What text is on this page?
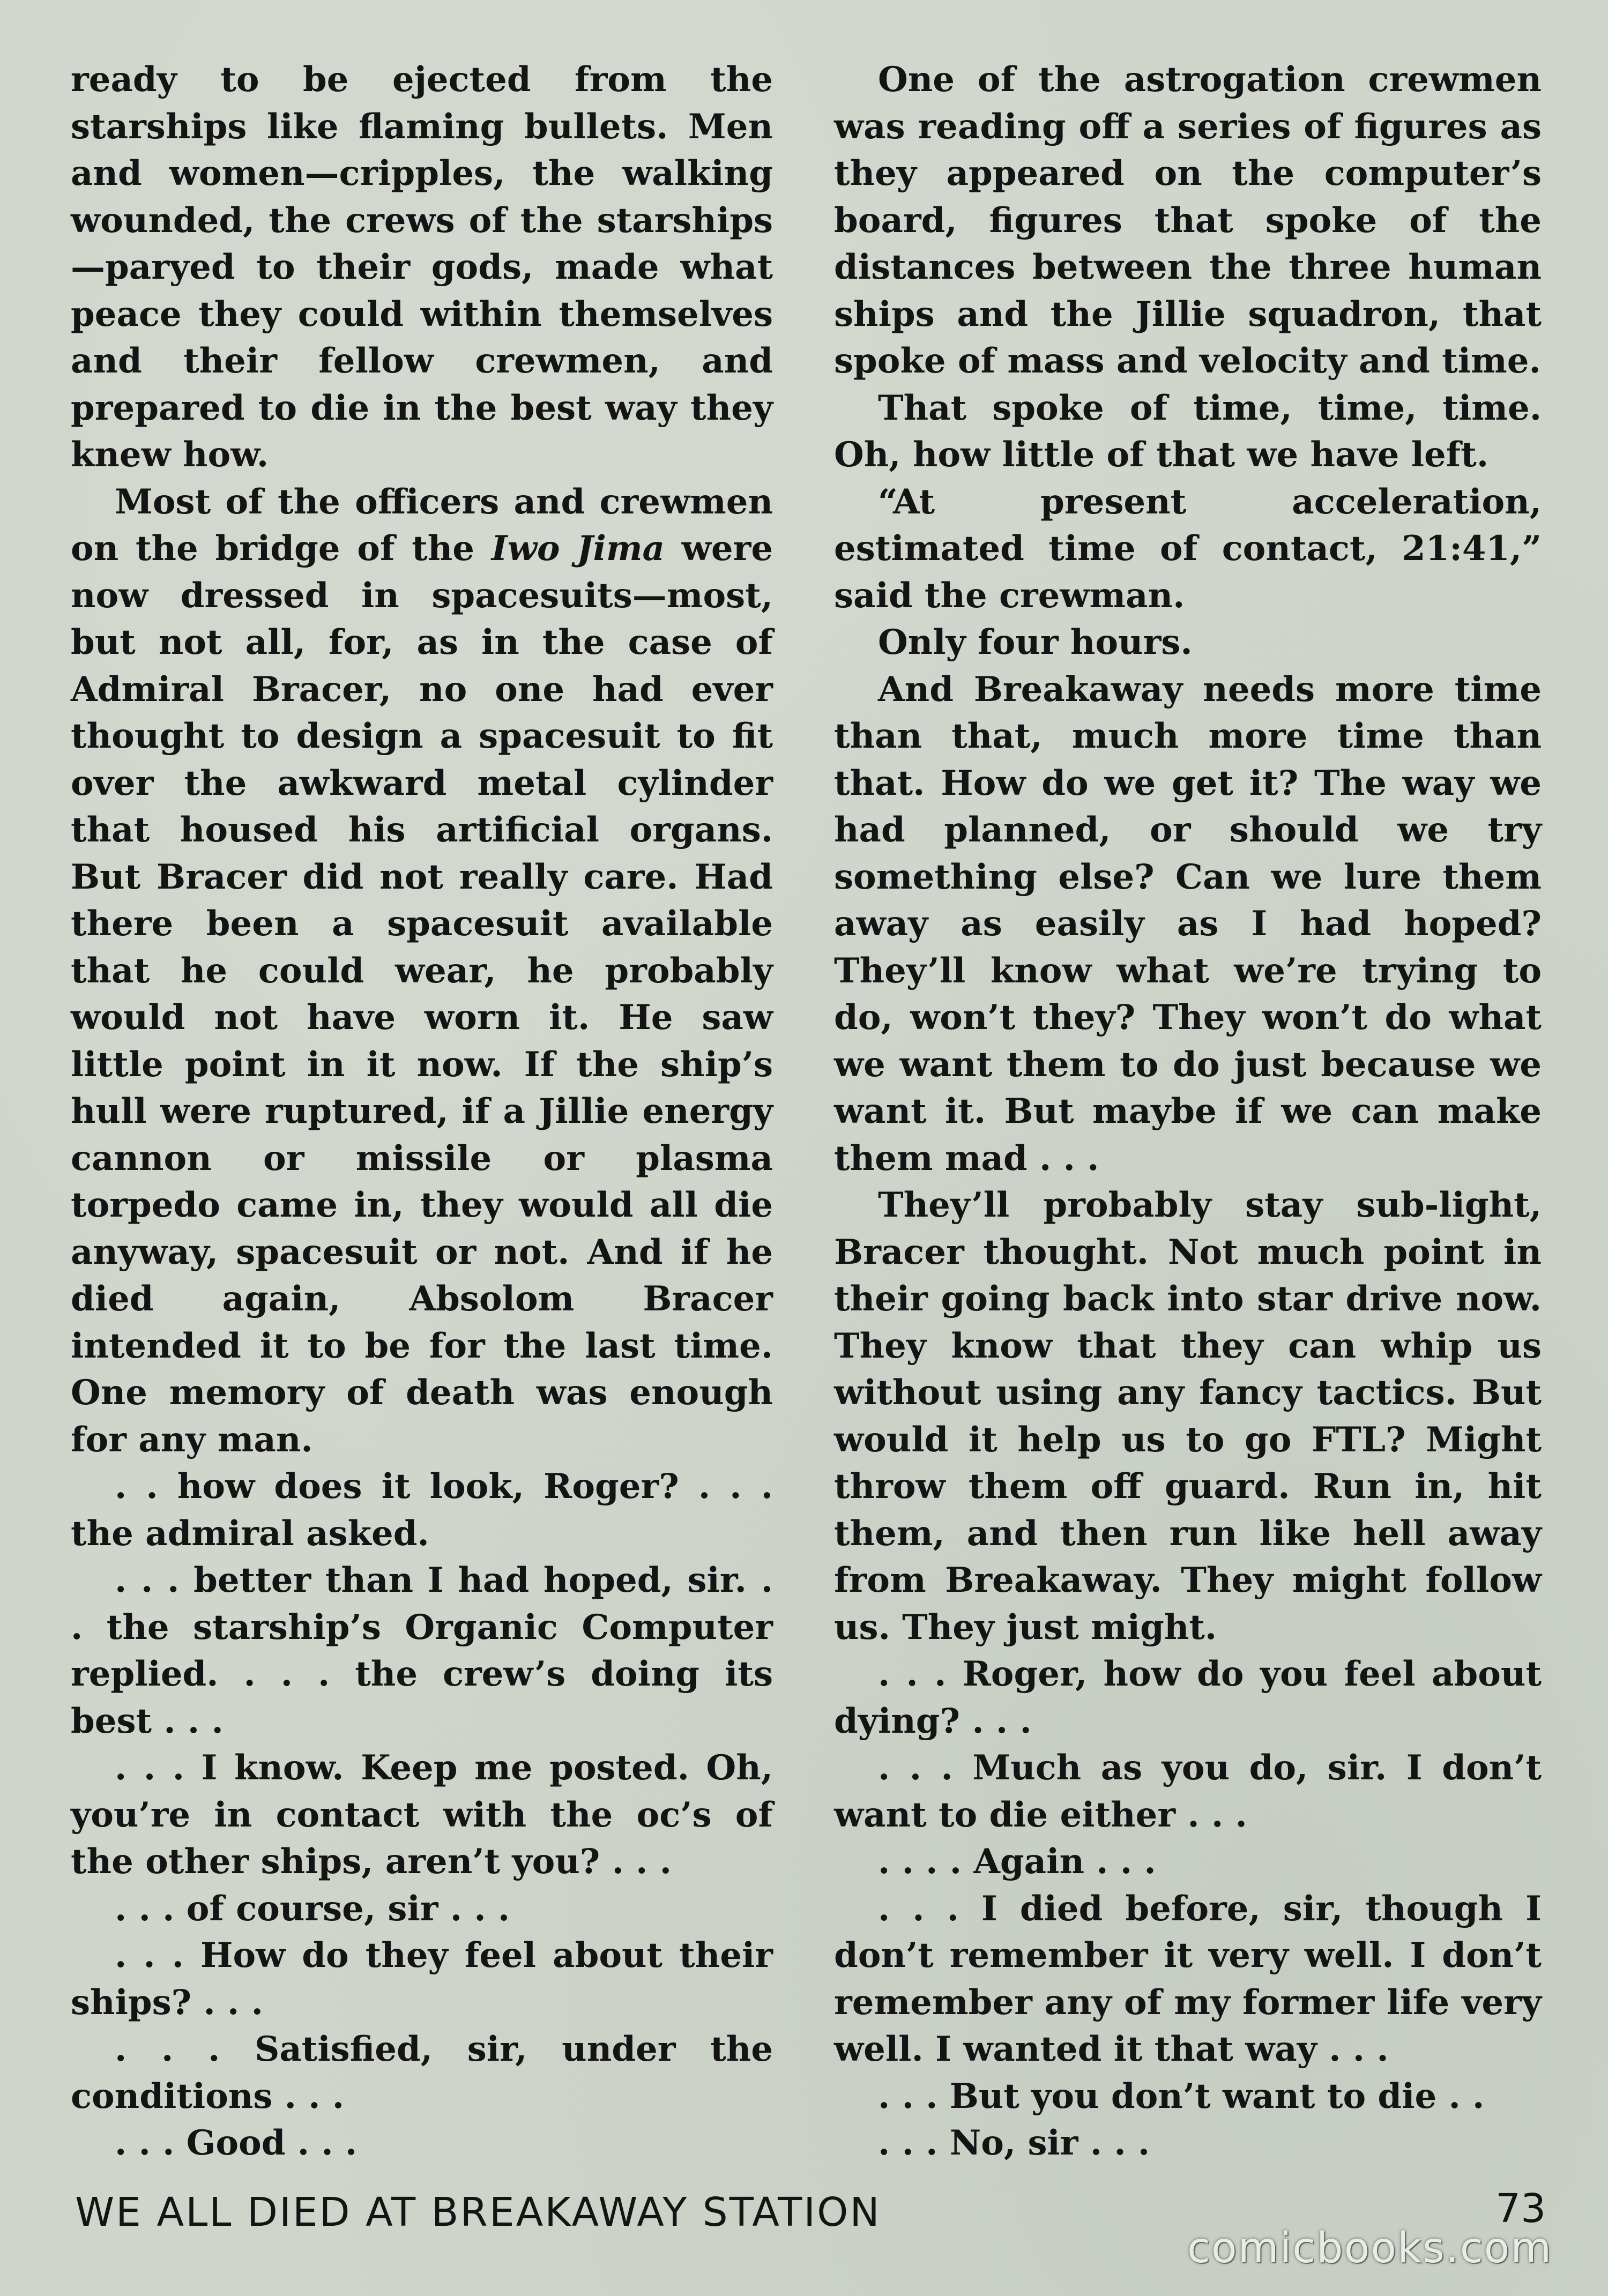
ready to be ejected from the starships like flaming bullets. Men and women—cripples, the walking wounded, the crews of the starships —paryed to their gods, made what peace they could within themselves and their fellow crewmen, and prepared to die in the best way they knew how.

Most of the officers and crewmen on the bridge of the Iwo Jima were now dressed in spacesuits—most, but not all, for, as in the case of Admiral Bracer, no one had ever thought to design a spacesuit to fit over the awkward metal cylinder that housed his artificial organs. But Bracer did not really care. Had there been a spacesuit available that he could wear, he probably would not have worn it. He saw little point in it now. If the ship’s hull were ruptured, if a Jillie energy cannon or missile or plasma torpedo came in, they would all die anyway, spacesuit or not. And if he died again, Absolom Bracer intended it to be for the last time. One memory of death was enough for any man.

. . how does it look, Roger? . . . the admiral asked.

. . . better than I had hoped, sir. . . the starship’s Organic Computer replied. . . . the crew’s doing its best . . .

. . . I know. Keep me posted. Oh, you’re in contact with the oc’s of the other ships, aren’t you? . . .

. . . of course, sir . . .

. . . How do they feel about their ships? . . .

. . . Satisfied, sir, under the conditions . . .

. . . Good . . .

One of the astrogation crewmen was reading off a series of figures as they appeared on the computer’s board, figures that spoke of the distances between the three human ships and the Jillie squadron, that spoke of mass and velocity and time.

That spoke of time, time, time. Oh, how little of that we have left.

“At present acceleration, estimated time of contact, 21:41,” said the crewman.

Only four hours.

And Breakaway needs more time than that, much more time than that. How do we get it? The way we had planned, or should we try something else? Can we lure them away as easily as I had hoped? They’ll know what we’re trying to do, won’t they? They won’t do what we want them to do just because we want it. But maybe if we can make them mad . . .

They’ll probably stay sub-light, Bracer thought. Not much point in their going back into star drive now. They know that they can whip us without using any fancy tactics. But would it help us to go FTL? Might throw them off guard. Run in, hit them, and then run like hell away from Breakaway. They might follow us. They just might.

. . . Roger, how do you feel about dying? . . .

. . . Much as you do, sir. I don’t want to die either . . .

. . . . Again . . .

. . . I died before, sir, though I don’t remember it very well. I don’t remember any of my former life very well. I wanted it that way . . .

. . . But you don’t want to die . .

. . . No, sir . . .

WE ALL DIED AT BREAKAWAY STATION	73
comicbooks.com
